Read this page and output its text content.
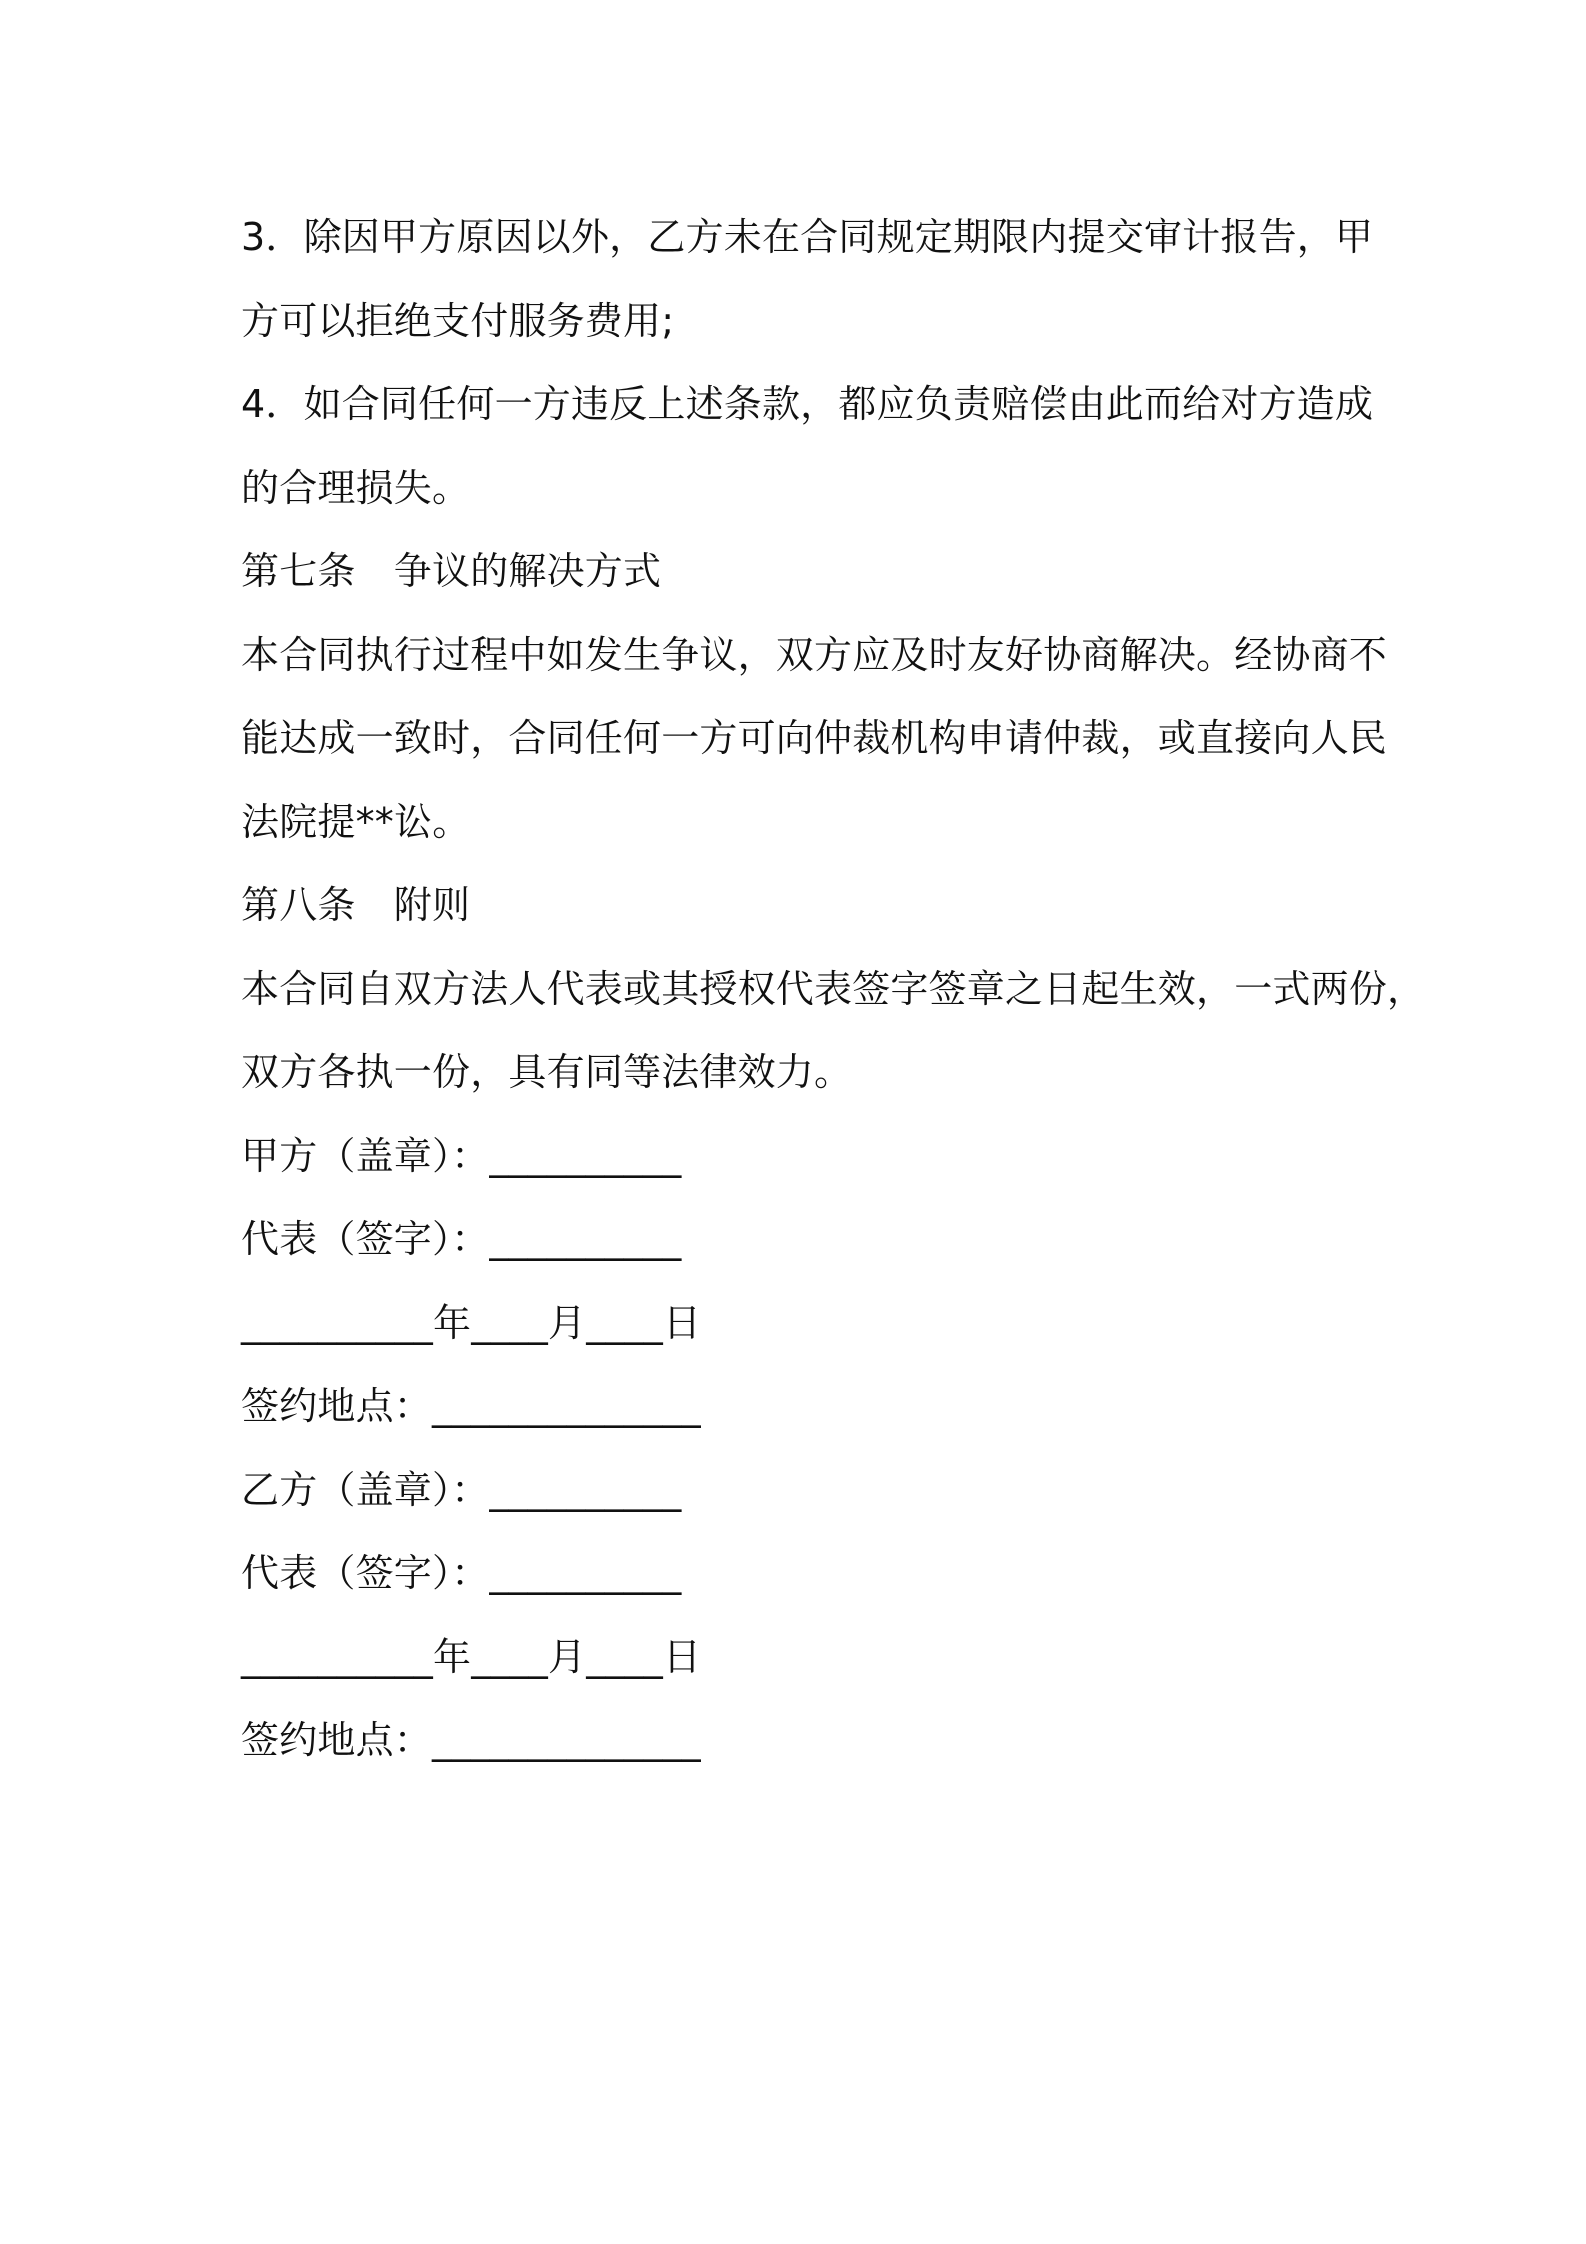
3．除因甲方原因以外，乙方未在合同规定期限内提交审计报告，甲
方可以拒绝支付服务费用;
4．如合同任何一方违反上述条款，都应负责赔偿由此而给对方造成
的合理损失。
第七条　争议的解决方式
本合同执行过程中如发生争议，双方应及时友好协商解决。经协商不
能达成一致时，合同任何一方可向仲裁机构申请仲裁，或直接向人民
法院提**讼。
第八条　附则
本合同自双方法人代表或其授权代表签字签章之日起生效，一式两份，
双方各执一份，具有同等法律效力。
甲方（盖章）：__________
代表（签字）：__________
__________年____月____日
签约地点：______________
乙方（盖章）：__________
代表（签字）：__________
__________年____月____日
签约地点：______________
